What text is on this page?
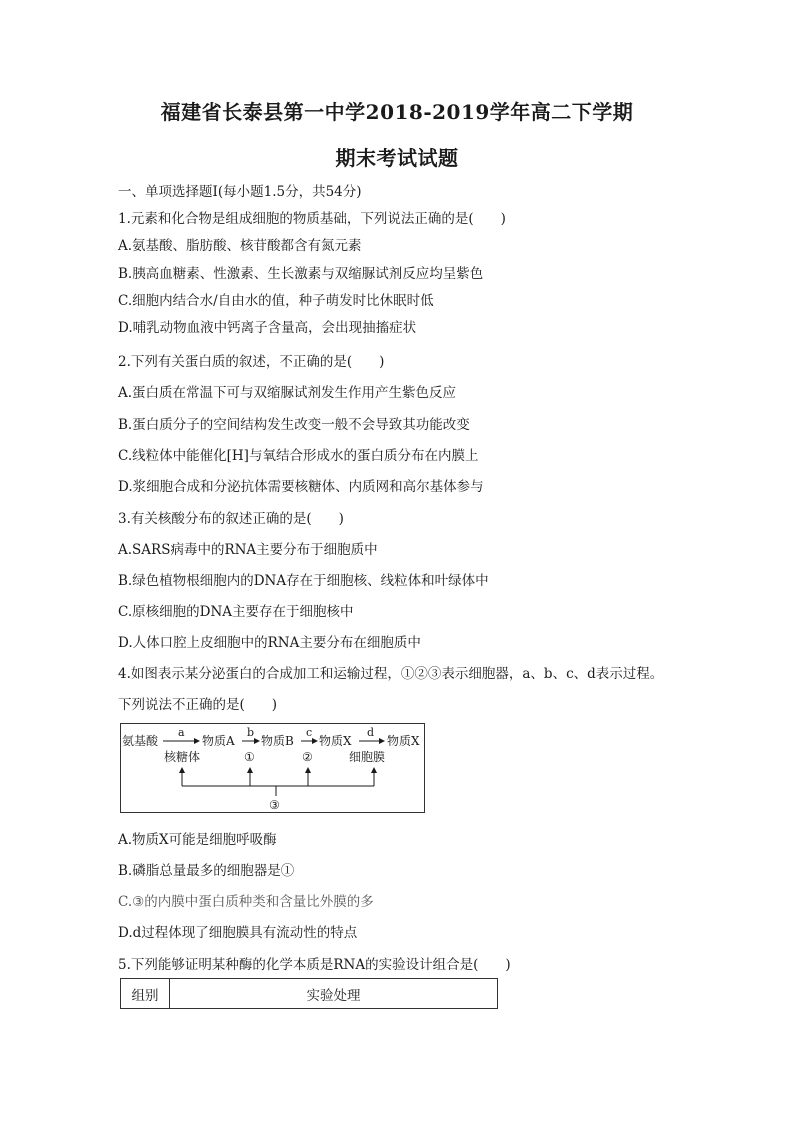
福建省长泰县第一中学2018-2019学年高二下学期
期末考试试题
一、单项选择题Ⅰ(每小题1.5分，共54分)
1.元素和化合物是组成细胞的物质基础，下列说法正确的是(　　)
A.氨基酸、脂肪酸、核苷酸都含有氮元素
B.胰高血糖素、性激素、生长激素与双缩脲试剂反应均呈紫色
C.细胞内结合水/自由水的值，种子萌发时比休眠时低
D.哺乳动物血液中钙离子含量高，会出现抽搐症状
2.下列有关蛋白质的叙述，不正确的是(　　)
A.蛋白质在常温下可与双缩脲试剂发生作用产生紫色反应
B.蛋白质分子的空间结构发生改变一般不会导致其功能改变
C.线粒体中能催化[H]与氧结合形成水的蛋白质分布在内膜上
D.浆细胞合成和分泌抗体需要核糖体、内质网和高尔基体参与
3.有关核酸分布的叙述正确的是(　　)
A.SARS病毒中的RNA主要分布于细胞质中
B.绿色植物根细胞内的DNA存在于细胞核、线粒体和叶绿体中
C.原核细胞的DNA主要存在于细胞核中
D.人体口腔上皮细胞中的RNA主要分布在细胞质中
4.如图表示某分泌蛋白的合成加工和运输过程，①②③表示细胞器，a、b、c、d表示过程。
下列说法不正确的是(　　)
氨基酸	物质A 物质B 物质X	物质X
a	b	c	d
核糖体	①	②	细胞膜
③
A.物质X可能是细胞呼吸酶
B.磷脂总量最多的细胞器是①
C.③的内膜中蛋白质种类和含量比外膜的多
D.d过程体现了细胞膜具有流动性的特点
5.下列能够证明某种酶的化学本质是RNA的实验设计组合是(　　)
组别	实验处理
